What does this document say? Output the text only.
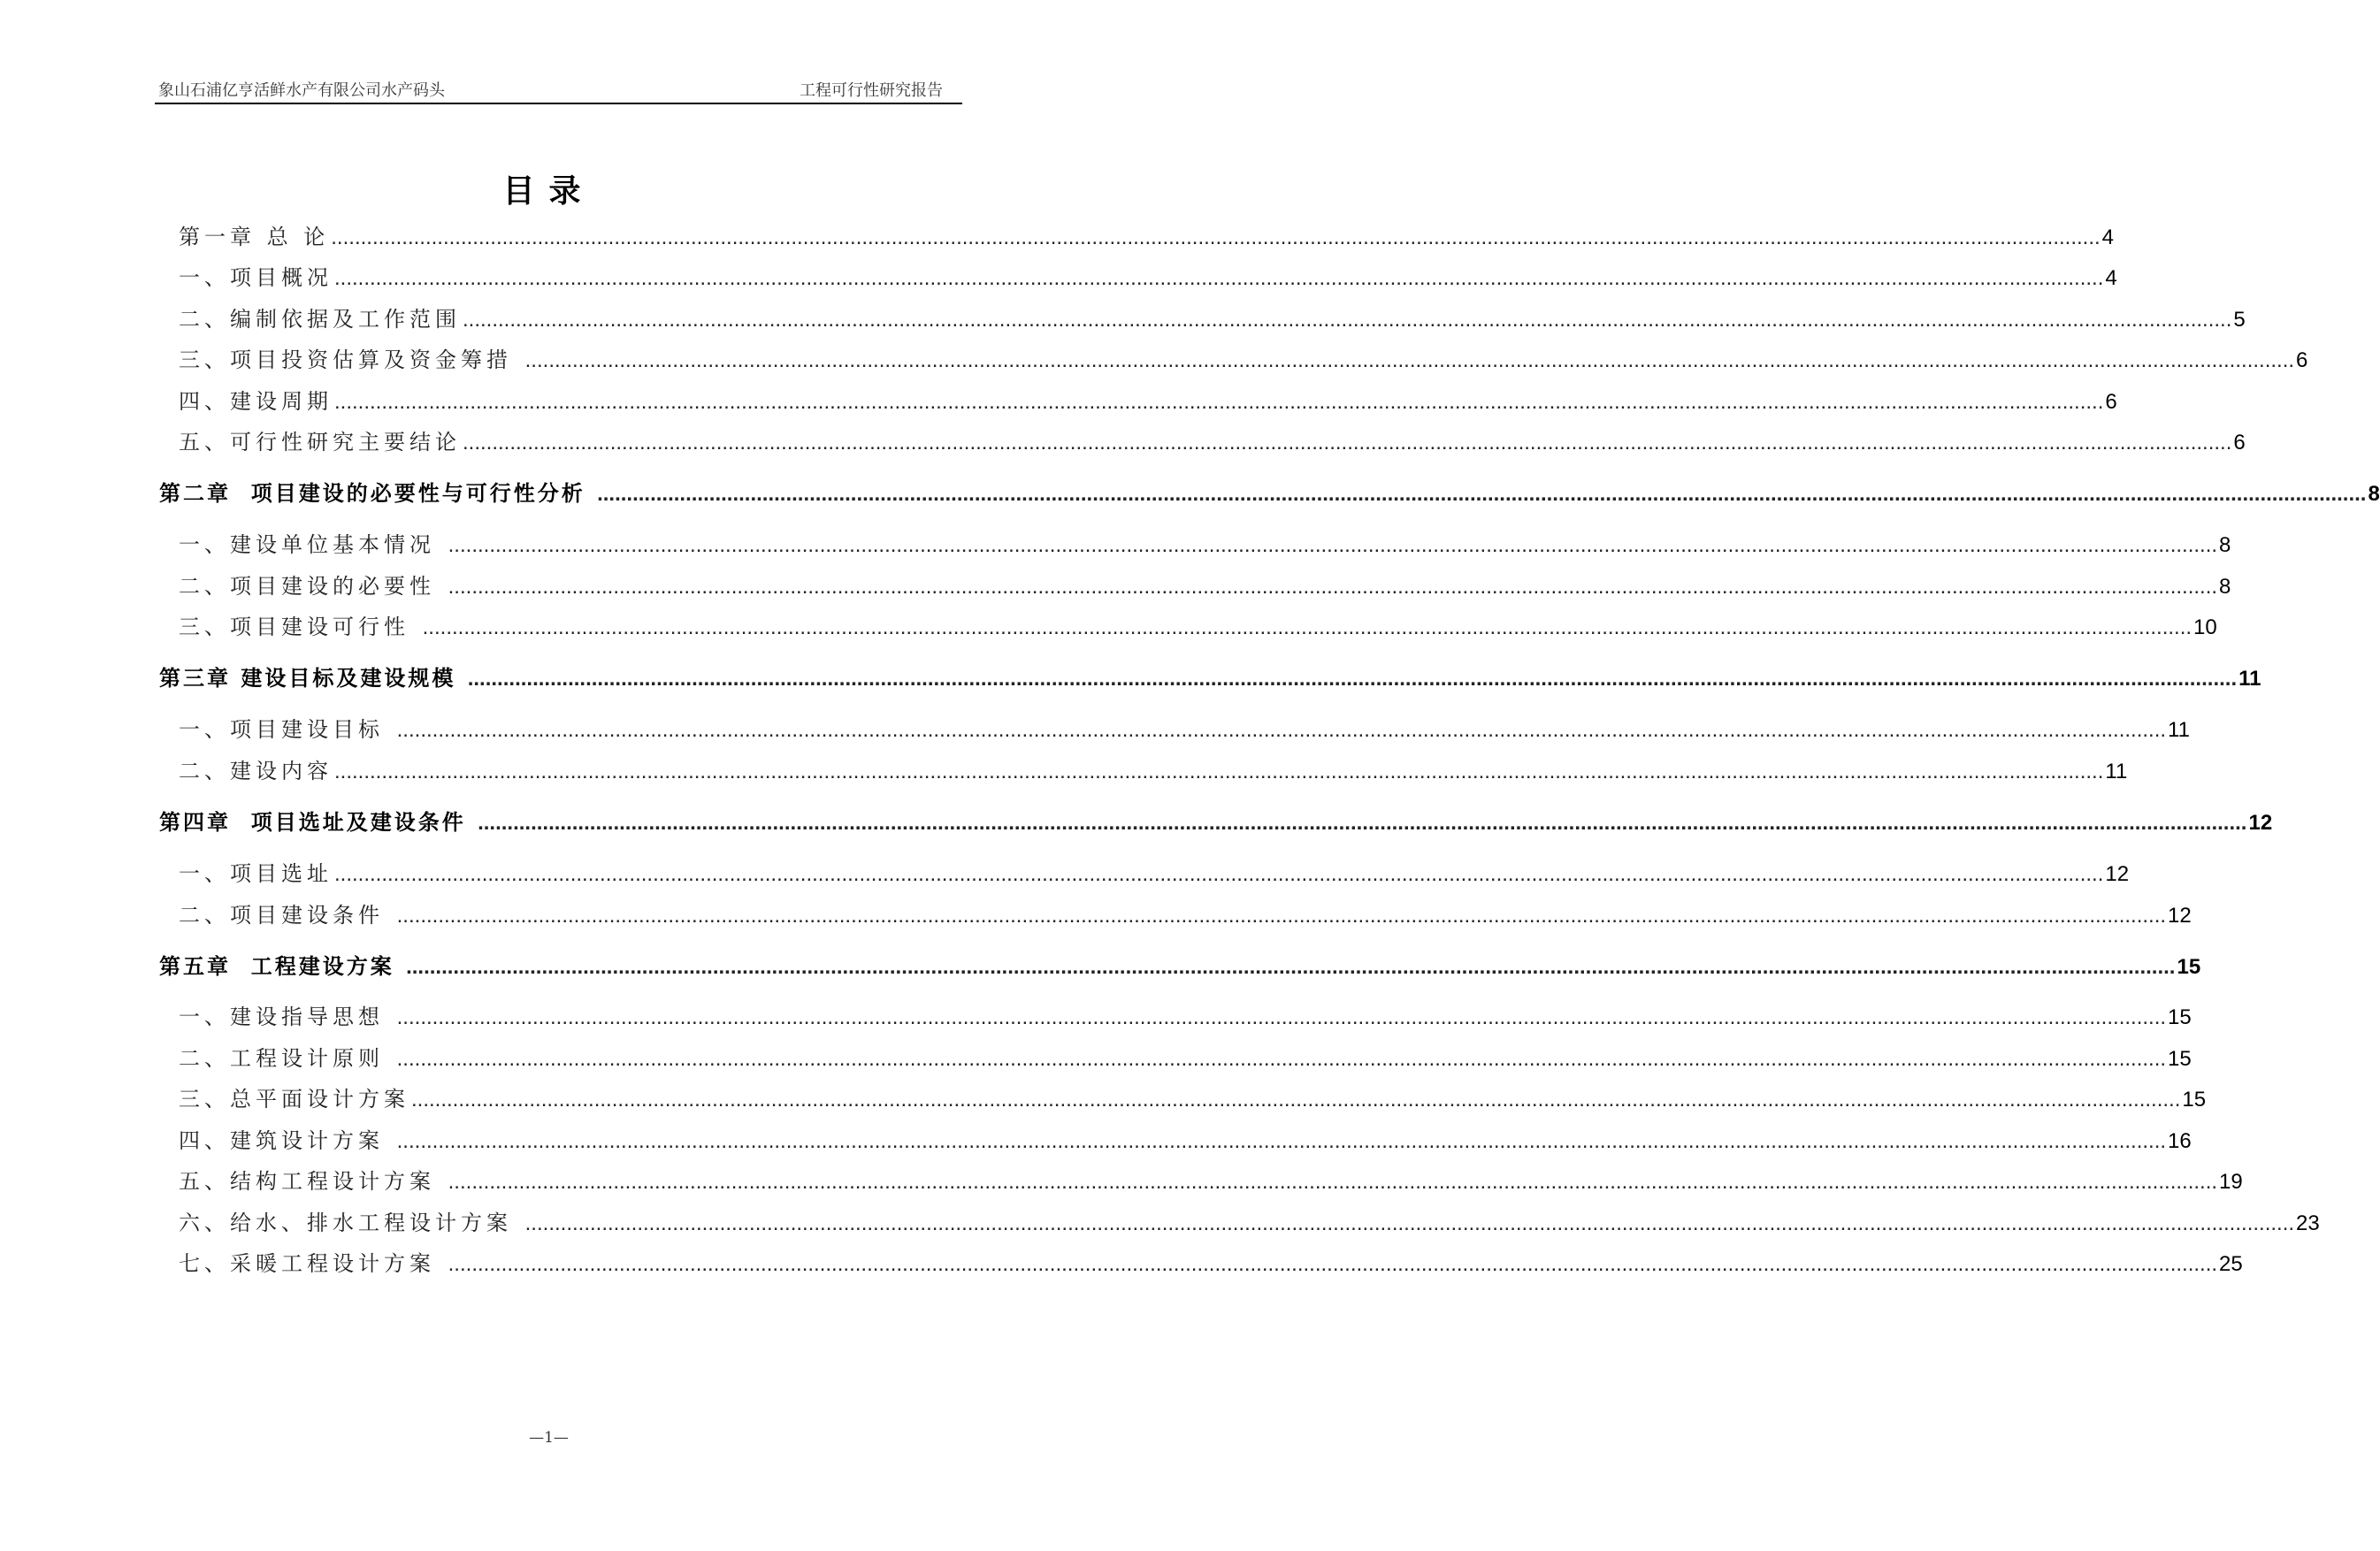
象山石浦亿亨活鲜水产有限公司水产码头	工程可行性研究报告
目录
第一章 总 论 ............................................................................................................................................................................................................................................................................................................ 4
一、项目概况 ............................................................................................................................................................................................................................................................................................................ 4
二、编制依据及工作范围 ............................................................................................................................................................................................................................................................................................................ 5
三、项目投资估算及资金筹措 ............................................................................................................................................................................................................................................................................................................ 6
四、建设周期 ............................................................................................................................................................................................................................................................................................................ 6
五、可行性研究主要结论 ............................................................................................................................................................................................................................................................................................................ 6
第二章  项目建设的必要性与可行性分析 ............................................................................................................................................................................................................................................................................................................ 8
一、建设单位基本情况 ............................................................................................................................................................................................................................................................................................................ 8
二、项目建设的必要性 ............................................................................................................................................................................................................................................................................................................ 8
三、项目建设可行性 ............................................................................................................................................................................................................................................................................................................ 10
第三章 建设目标及建设规模 ............................................................................................................................................................................................................................................................................................................ 11
一、项目建设目标 ............................................................................................................................................................................................................................................................................................................ 11
二、建设内容 ............................................................................................................................................................................................................................................................................................................ 11
第四章  项目选址及建设条件 ............................................................................................................................................................................................................................................................................................................ 12
一、项目选址 ............................................................................................................................................................................................................................................................................................................ 12
二、项目建设条件 ............................................................................................................................................................................................................................................................................................................ 12
第五章  工程建设方案 ............................................................................................................................................................................................................................................................................................................ 15
一、建设指导思想 ............................................................................................................................................................................................................................................................................................................ 15
二、工程设计原则 ............................................................................................................................................................................................................................................................................................................ 15
三、总平面设计方案 ............................................................................................................................................................................................................................................................................................................ 15
四、建筑设计方案 ............................................................................................................................................................................................................................................................................................................ 16
五、结构工程设计方案 ............................................................................................................................................................................................................................................................................................................ 19
六、给水、排水工程设计方案 ............................................................................................................................................................................................................................................................................................................ 23
七、采暖工程设计方案 ............................................................................................................................................................................................................................................................................................................ 25
—1—
